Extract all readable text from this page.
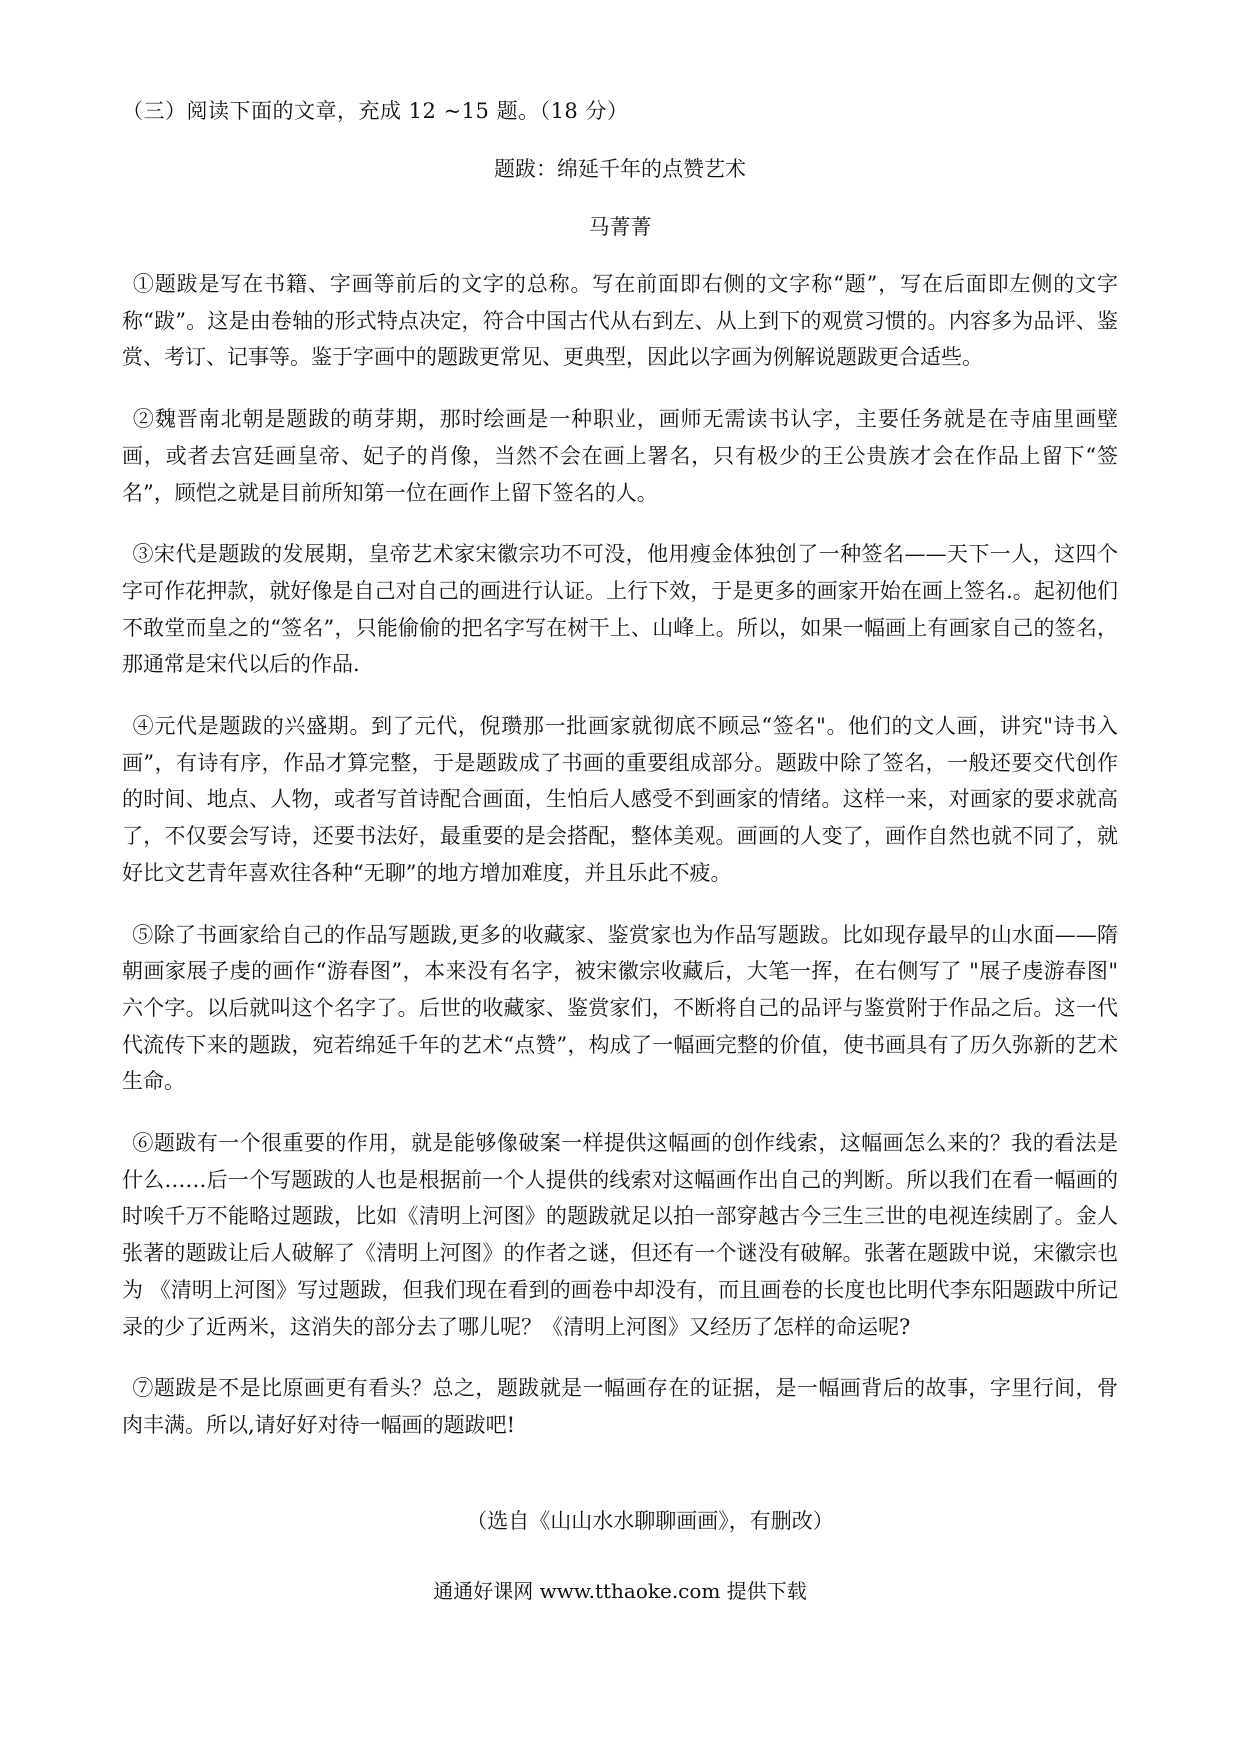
（三）阅读下面的文章，充成 12 ~15 题。（18 分）
题跋：绵延千年的点赞艺术
马菁菁

①题跋是写在书籍、字画等前后的文字的总称。写在前面即右侧的文字称“题”，写在后面即左侧的文字称“跋”。这是由卷轴的形式特点决定，符合中国古代从右到左、从上到下的观赏习惯的。内容多为品评、鉴赏、考订、记事等。鉴于字画中的题跋更常见、更典型，因此以字画为例解说题跋更合适些。

②魏晋南北朝是题跋的萌芽期，那时绘画是一种职业，画师无需读书认字，主要任务就是在寺庙里画壁画，或者去宫廷画皇帝、妃子的肖像，当然不会在画上署名，只有极少的王公贵族才会在作品上留下“签名”，顾恺之就是目前所知第一位在画作上留下签名的人。

③宋代是题跋的发展期，皇帝艺术家宋徽宗功不可没，他用瘦金体独创了一种签名——天下一人，这四个字可作花押款，就好像是自己对自己的画进行认证。上行下效，于是更多的画家开始在画上签名.。起初他们不敢堂而皇之的“签名”，只能偷偷的把名字写在树干上、山峰上。所以，如果一幅画上有画家自己的签名，那通常是宋代以后的作品.

④元代是题跋的兴盛期。到了元代，倪瓒那一批画家就彻底不顾忌“签名"。他们的文人画，讲究"诗书入画”，有诗有序，作品才算完整，于是题跋成了书画的重要组成部分。题跋中除了签名，一般还要交代创作的时间、地点、人物，或者写首诗配合画面，生怕后人感受不到画家的情绪。这样一来，对画家的要求就高了，不仅要会写诗，还要书法好，最重要的是会搭配，整体美观。画画的人变了，画作自然也就不同了，就好比文艺青年喜欢往各种“无聊”的地方增加难度，并且乐此不疲。

⑤除了书画家给自己的作品写题跋,更多的收藏家、鉴赏家也为作品写题跋。比如现存最早的山水面——隋朝画家展子虔的画作“游春图”，本来没有名字，被宋徽宗收藏后，大笔一挥，在右侧写了 "展子虔游春图" 六个字。以后就叫这个名字了。后世的收藏家、鉴赏家们，不断将自己的品评与鉴赏附于作品之后。这一代代流传下来的题跋，宛若绵延千年的艺术“点赞”，构成了一幅画完整的价值，使书画具有了历久弥新的艺术生命。

⑥题跋有一个很重要的作用，就是能够像破案一样提供这幅画的创作线索，这幅画怎么来的？我的看法是什么……后一个写题跋的人也是根据前一个人提供的线索对这幅画作出自己的判断。所以我们在看一幅画的时唉千万不能略过题跋，比如《清明上河图》的题跋就足以拍一部穿越古今三生三世的电视连续剧了。金人张著的题跋让后人破解了《清明上河图》的作者之谜，但还有一个谜没有破解。张著在题跋中说，宋徽宗也为 《清明上河图》写过题跋，但我们现在看到的画卷中却没有，而且画卷的长度也比明代李东阳题跋中所记录的少了近两米，这消失的部分去了哪儿呢？《清明上河图》又经历了怎样的命运呢?

⑦题跋是不是比原画更有看头？总之，题跋就是一幅画存在的证据，是一幅画背后的故事，字里行间，骨肉丰满。所以,请好好对待一幅画的题跋吧!

（选自《山山水水聊聊画画》，有删改）
通通好课网 www.tthaoke.com 提供下载
